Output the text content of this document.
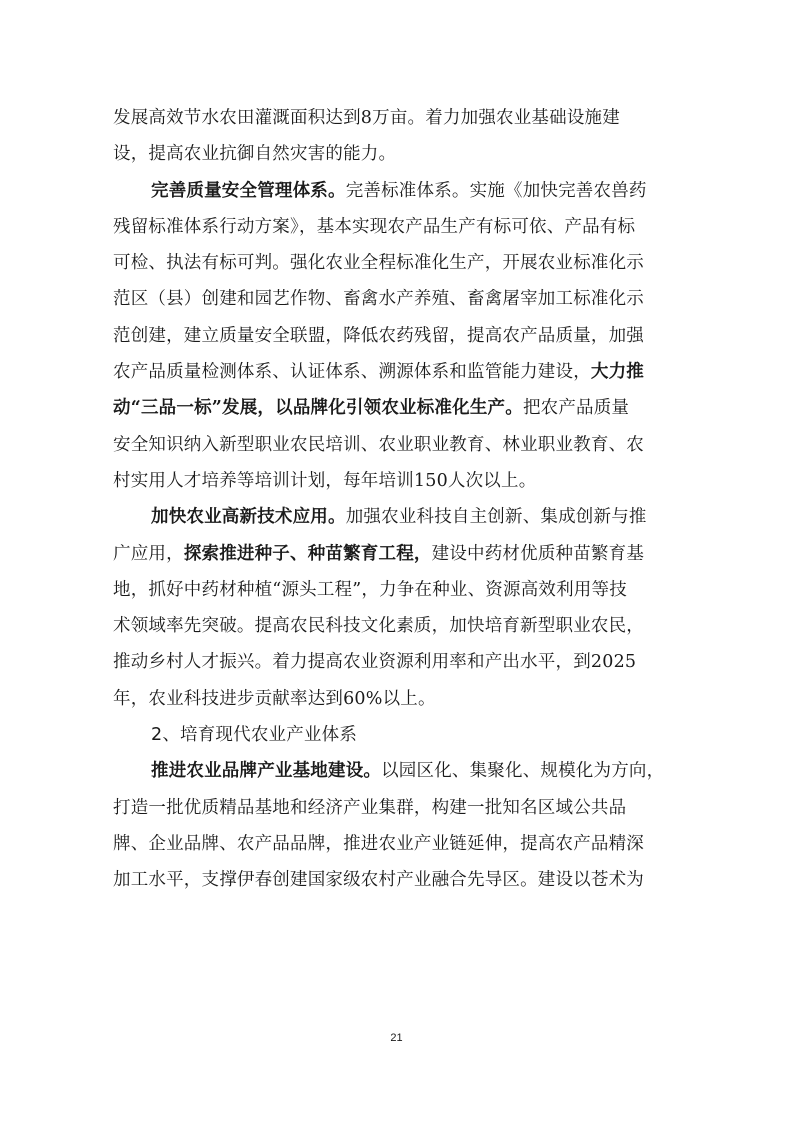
发展高效节水农田灌溉面积达到8万亩。着力加强农业基础设施建
设，提高农业抗御自然灾害的能力。
完善质量安全管理体系。完善标准体系。实施《加快完善农兽药
残留标准体系行动方案》，基本实现农产品生产有标可依、产品有标
可检、执法有标可判。强化农业全程标准化生产，开展农业标准化示
范区（县）创建和园艺作物、畜禽水产养殖、畜禽屠宰加工标准化示
范创建，建立质量安全联盟，降低农药残留，提高农产品质量，加强
农产品质量检测体系、认证体系、溯源体系和监管能力建设，大力推
动“三品一标”发展，以品牌化引领农业标准化生产。把农产品质量
安全知识纳入新型职业农民培训、农业职业教育、林业职业教育、农
村实用人才培养等培训计划，每年培训150人次以上。
加快农业高新技术应用。加强农业科技自主创新、集成创新与推
广应用，探索推进种子、种苗繁育工程，建设中药材优质种苗繁育基
地，抓好中药材种植“源头工程”，力争在种业、资源高效利用等技
术领域率先突破。提高农民科技文化素质，加快培育新型职业农民，
推动乡村人才振兴。着力提高农业资源利用率和产出水平，到2025
年，农业科技进步贡献率达到60%以上。
2、培育现代农业产业体系
推进农业品牌产业基地建设。以园区化、集聚化、规模化为方向，
打造一批优质精品基地和经济产业集群，构建一批知名区域公共品
牌、企业品牌、农产品品牌，推进农业产业链延伸，提高农产品精深
加工水平，支撑伊春创建国家级农村产业融合先导区。建设以苍术为
21
